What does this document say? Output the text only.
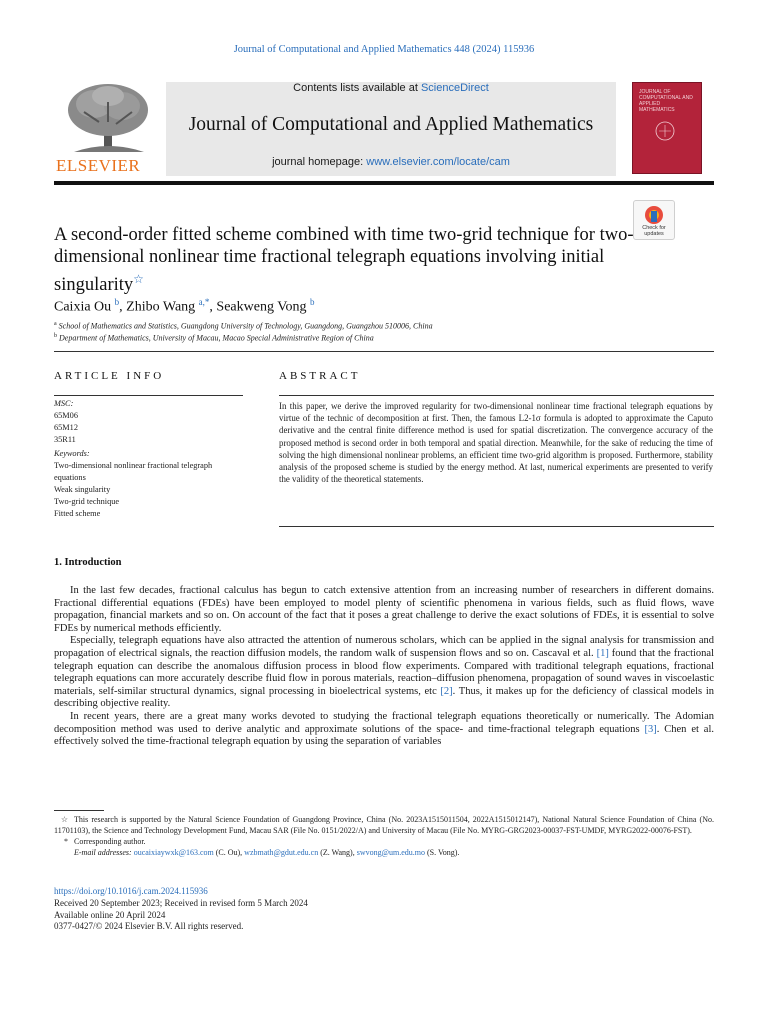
Journal of Computational and Applied Mathematics 448 (2024) 115936
ELSEVIER
Contents lists available at ScienceDirect
Journal of Computational and Applied Mathematics
journal homepage: www.elsevier.com/locate/cam
JOURNAL OF COMPUTATIONAL AND APPLIED MATHEMATICS
Check for updates
A second-order fitted scheme combined with time two-grid technique for two-dimensional nonlinear time fractional telegraph equations involving initial singularity☆
Caixia Ou $^b$, Zhibo Wang $^{a,*}$, Seakweng Vong $^b$
$^a$ School of Mathematics and Statistics, Guangdong University of Technology, Guangdong, Guangzhou 510006, China
$^b$ Department of Mathematics, University of Macau, Macao Special Administrative Region of China
ARTICLE INFO
MSC:
65M06
65M12
35R11
Keywords:
Two-dimensional nonlinear fractional telegraph equations
Weak singularity
Two-grid technique
Fitted scheme
ABSTRACT
In this paper, we derive the improved regularity for two-dimensional nonlinear time fractional telegraph equations by virtue of the technic of decomposition at first. Then, the famous L2-1σ formula is adopted to approximate the Caputo derivative and the central finite difference method is used for spatial discretization. The convergence accuracy of the proposed method is second order in both temporal and spatial direction. Meanwhile, for the sake of reducing the time of solving the high dimensional nonlinear problems, an efficient time two-grid algorithm is proposed. Furthermore, stability analysis of the proposed scheme is studied by the energy method. At last, numerical experiments are presented to verify the validity of the theoretical statements.
1. Introduction

In the last few decades, fractional calculus has begun to catch extensive attention from an increasing number of researchers in different domains. Fractional differential equations (FDEs) have been employed to model plenty of scientific phenomena in various fields, such as fluid flows, wave propagation, financial markets and so on. On account of the fact that it poses a great challenge to derive the exact solutions of FDEs, it is essential to solve FDEs by numerical methods efficiently.

Especially, telegraph equations have also attracted the attention of numerous scholars, which can be applied in the signal analysis for transmission and propagation of electrical signals, the reaction diffusion models, the random walk of suspension flows and so on. Cascaval et al. [1] found that the fractional telegraph equation can describe the anomalous diffusion process in blood flow experiments. Compared with traditional telegraph equations, fractional telegraph equations can more accurately describe fluid flow in porous materials, reaction–diffusion phenomena, propagation of sound waves in viscoelastic materials, self-similar structural dynamics, signal processing in bioelectrical systems, etc [2]. Thus, it makes up for the deficiency of classical models in describing objective reality.

In recent years, there are a great many works devoted to studying the fractional telegraph equations theoretically or numerically. The Adomian decomposition method was used to derive analytic and approximate solutions of the space- and time-fractional telegraph equations [3]. Chen et al. effectively solved the time-fractional telegraph equation by using the separation of variables

☆ This research is supported by the Natural Science Foundation of Guangdong Province, China (No. 2023A1515011504, 2022A1515012147), National Natural Science Foundation of China (No. 11701103), the Science and Technology Development Fund, Macau SAR (File No. 0151/2022/A) and University of Macau (File No. MYRG-GRG2023-00037-FST-UMDF, MYRG2022-00076-FST).

* Corresponding author.

E-mail addresses: oucaixiaywxk@163.com (C. Ou), wzbmath@gdut.edu.cn (Z. Wang), swvong@um.edu.mo (S. Vong).

https://doi.org/10.1016/j.cam.2024.115936
Received 20 September 2023; Received in revised form 5 March 2024
Available online 20 April 2024
0377-0427/© 2024 Elsevier B.V. All rights reserved.
